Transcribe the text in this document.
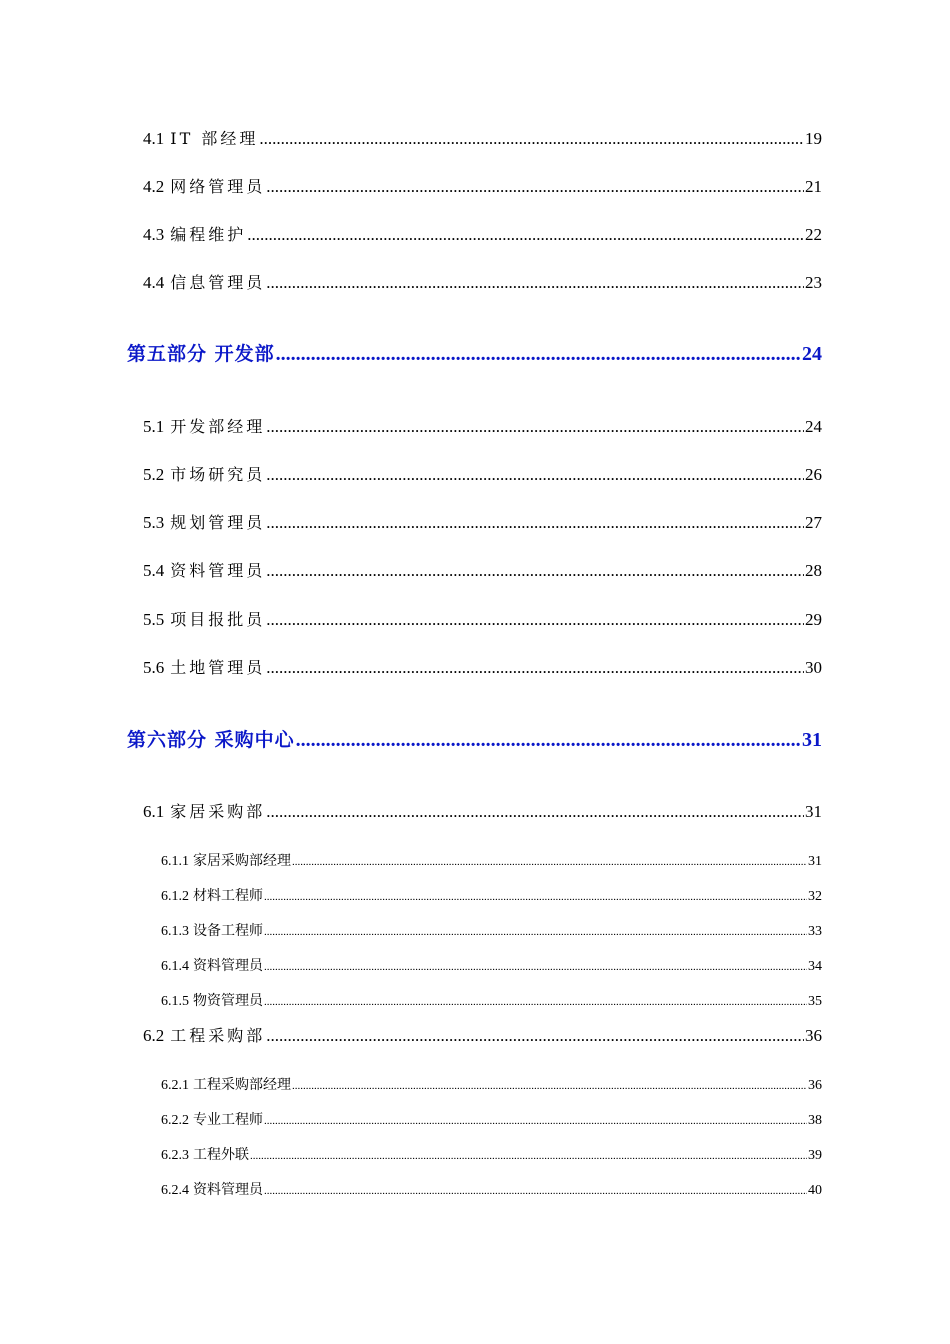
4.1 IT 部经理 .....	19
4.2 网络管理员 .....	21
4.3 编程维护 .....	22
4.4 信息管理员 .....	23
第五部分 开发部 .....	24
5.1 开发部经理 .....	24
5.2 市场研究员 .....	26
5.3 规划管理员 .....	27
5.4 资料管理员 .....	28
5.5 项目报批员 .....	29
5.6 土地管理员 .....	30
第六部分 采购中心 .....	31
6.1 家居采购部 .....	31
6.1.1 家居采购部经理 .....	31
6.1.2 材料工程师 .....	32
6.1.3 设备工程师 .....	33
6.1.4 资料管理员 .....	34
6.1.5 物资管理员 .....	35
6.2 工程采购部 .....	36
6.2.1 工程采购部经理 .....	36
6.2.2 专业工程师 .....	38
6.2.3 工程外联 .....	39
6.2.4 资料管理员 .....	40
